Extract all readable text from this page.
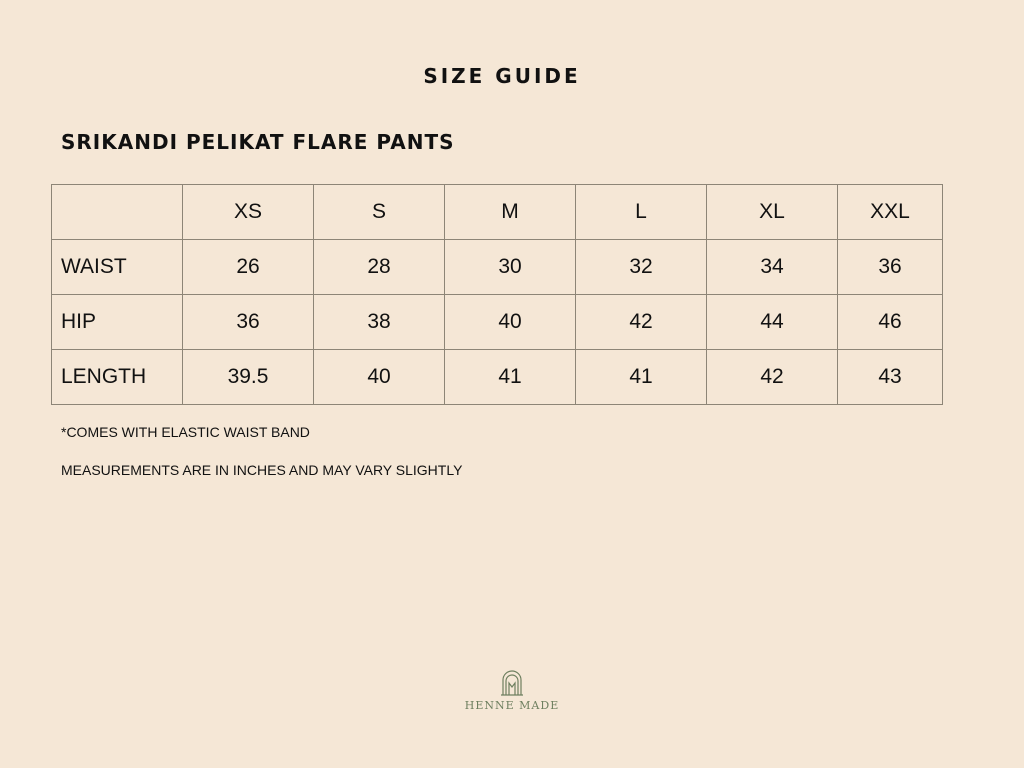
SIZE GUIDE
SRIKANDI PELIKAT FLARE PANTS
	XS	S	M	L	XL	XXL
WAIST	26	28	30	32	34	36
HIP	36	38	40	42	44	46
LENGTH	39.5	40	41	41	42	43
*COMES WITH ELASTIC WAIST BAND
MEASUREMENTS ARE IN INCHES AND MAY VARY SLIGHTLY
HENNE MADE
